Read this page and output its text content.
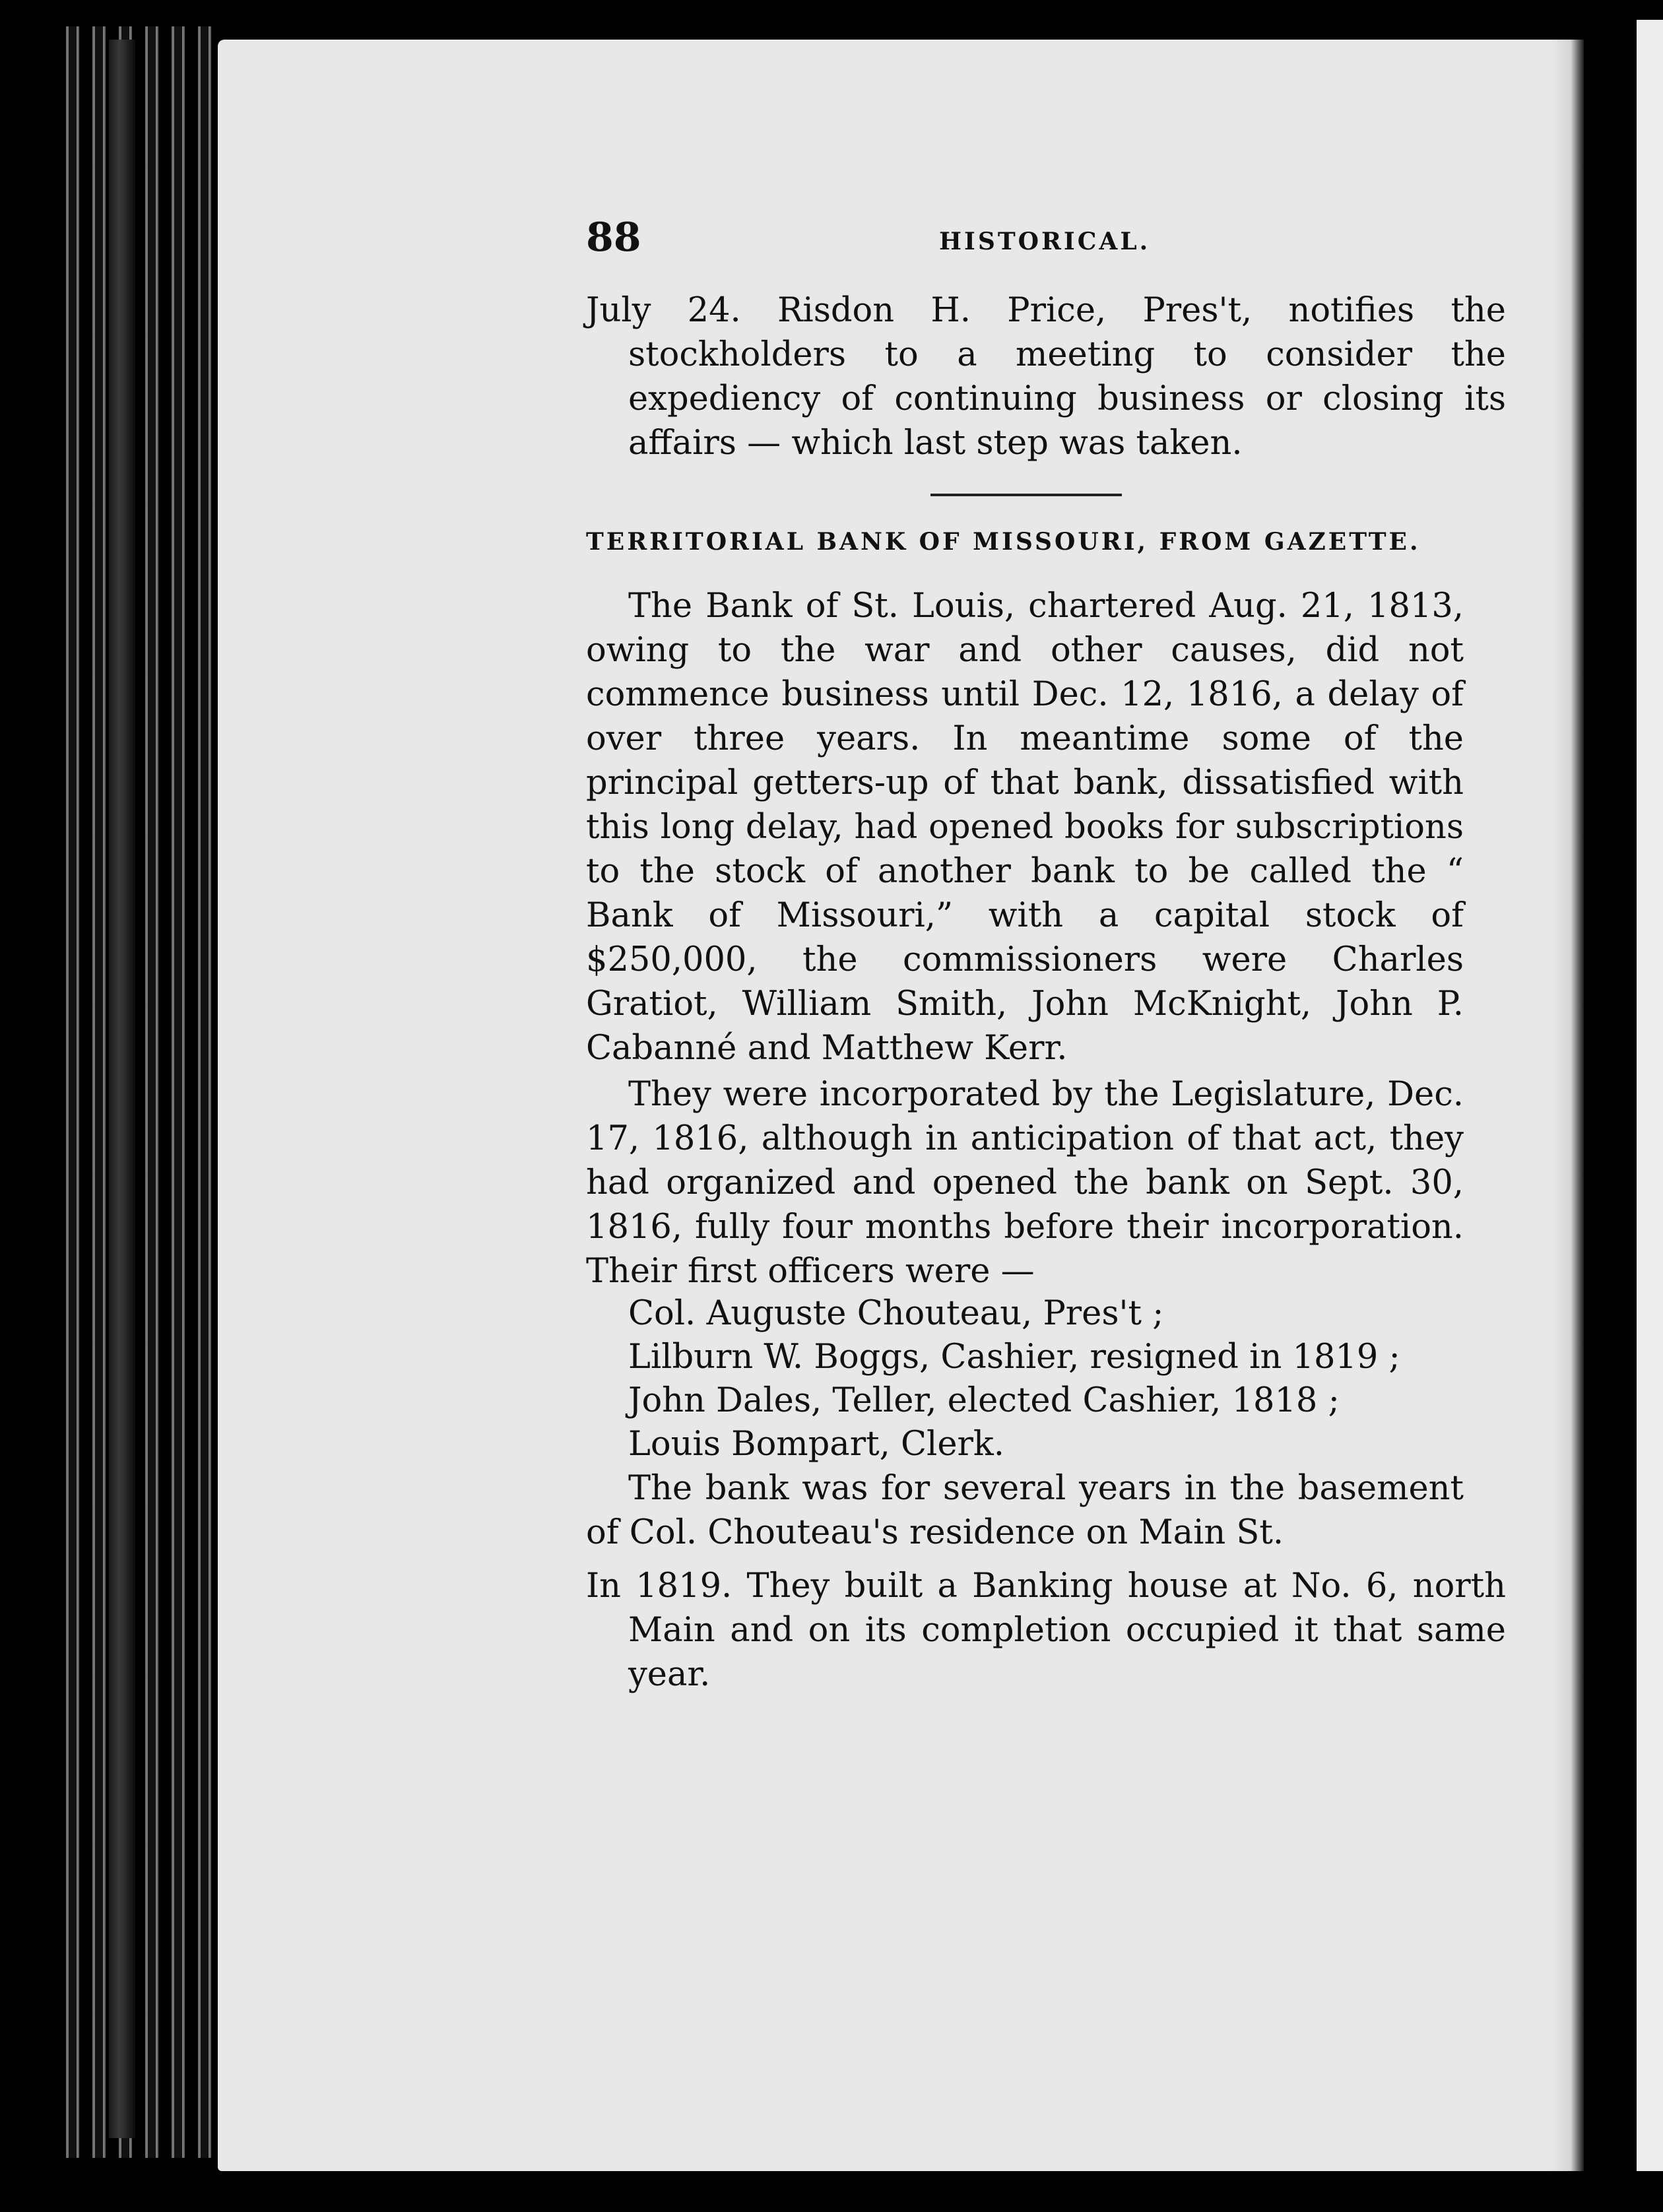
88	HISTORICAL.
July 24. Risdon H. Price, Pres't, notifies the stockholders to a meeting to consider the expediency of continuing business or closing its affairs — which last step was taken.
TERRITORIAL BANK OF MISSOURI, FROM GAZETTE.
The Bank of St. Louis, chartered Aug. 21, 1813, owing to the war and other causes, did not commence business until Dec. 12, 1816, a delay of over three years. In meantime some of the principal getters-up of that bank, dissatisfied with this long delay, had opened books for subscriptions to the stock of another bank to be called the “ Bank of Missouri,” with a capital stock of $250,000, the commissioners were Charles Gratiot, William Smith, John McKnight, John P. Cabanné and Matthew Kerr.
They were incorporated by the Legislature, Dec. 17, 1816, although in anticipation of that act, they had organized and opened the bank on Sept. 30, 1816, fully four months before their incorporation. Their first officers were —
Col. Auguste Chouteau, Pres't ;
Lilburn W. Boggs, Cashier, resigned in 1819 ;
John Dales, Teller, elected Cashier, 1818 ;
Louis Bompart, Clerk.
The bank was for several years in the basement of Col. Chouteau's residence on Main St.
In 1819. They built a Banking house at No. 6, north Main and on its completion occupied it that same year.
